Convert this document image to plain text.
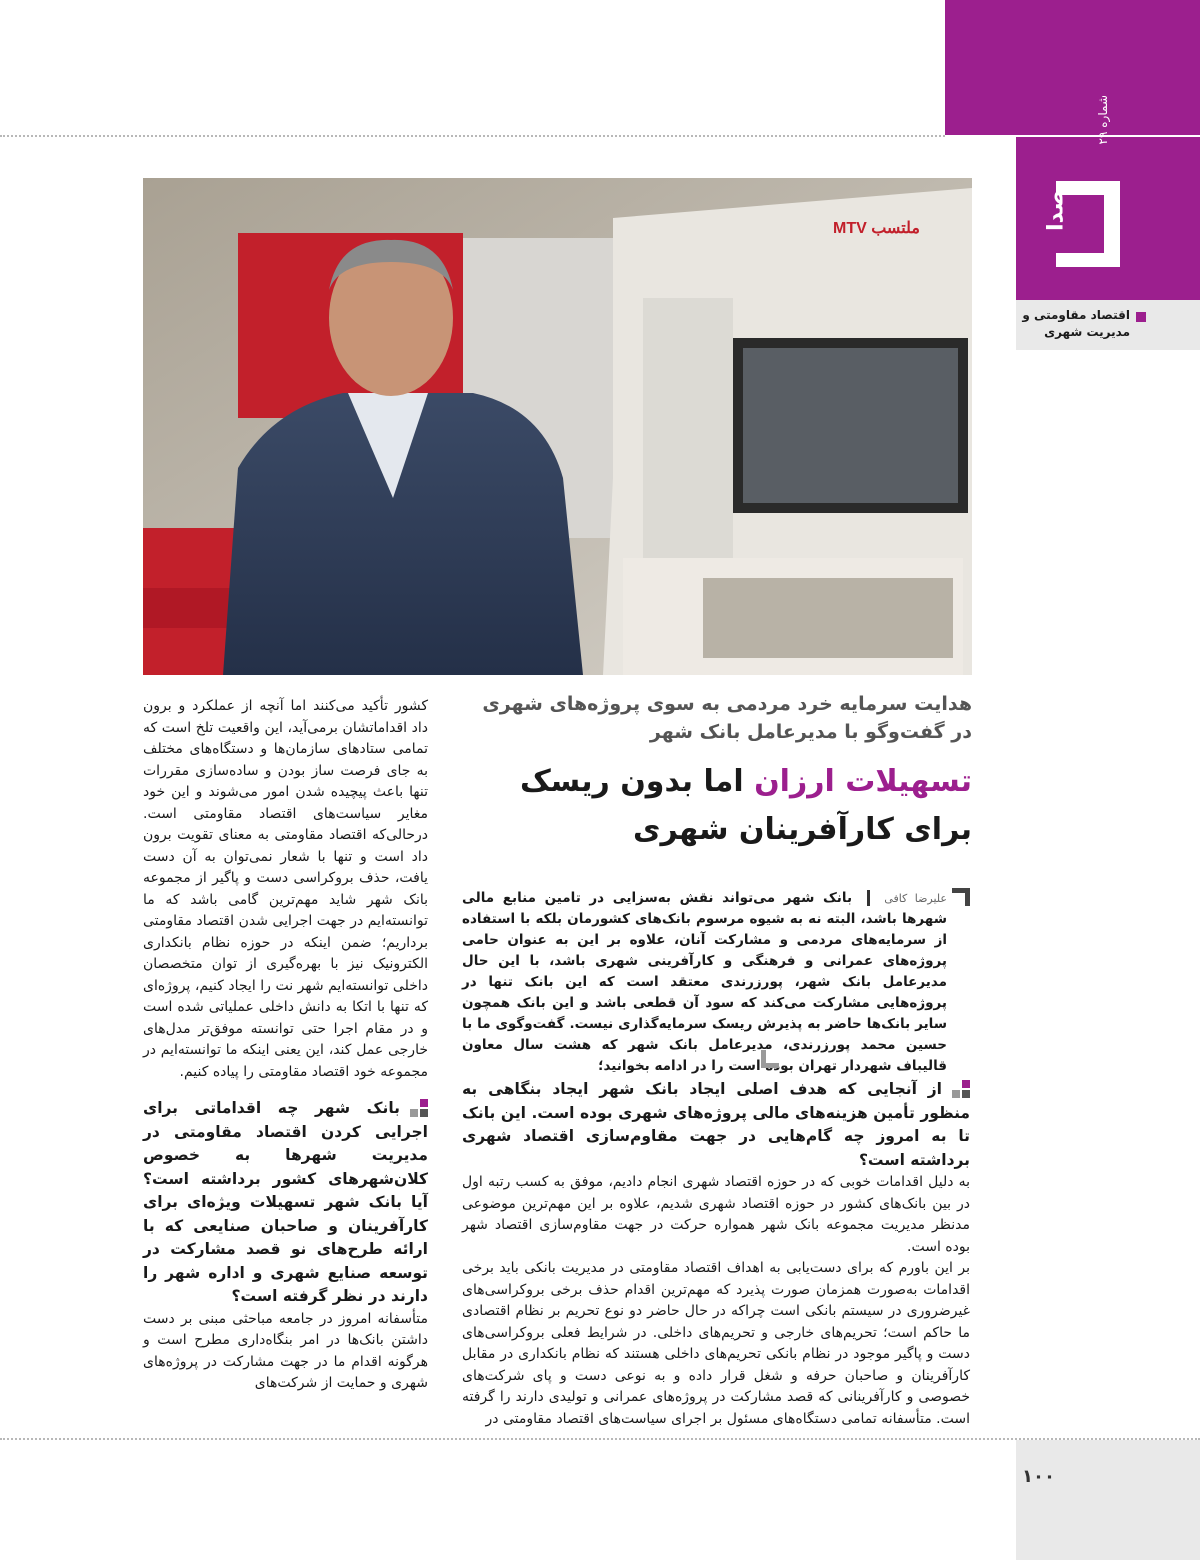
صدا
شماره ۲۹
اقتصاد مقاومتی و مدیریت شهری
MTV ملتسب
هدایت سرمایه خرد مردمی به سوی پروژه‌های شهری
در گفت‌وگو با مدیرعامل بانک شهر
تسهیلات ارزان اما بدون ریسک
برای کارآفرینان شهری
علیرضا کافی  بانک شهر می‌تواند نقش به‌سزایی در تامین منابع مالی شهرها باشد، البته نه به شیوه مرسوم بانک‌های کشورمان بلکه با استفاده از سرمایه‌های مردمی و مشارکت آنان، علاوه بر این به عنوان حامی پروژه‌های عمرانی و فرهنگی و کارآفرینی شهری باشد، با این حال مدیرعامل بانک شهر، پورزرندی معتقد است که این بانک تنها در پروژه‌هایی مشارکت می‌کند که سود آن قطعی باشد و این بانک همچون سایر بانک‌ها حاضر به پذیرش ریسک سرمایه‌گذاری نیست. گفت‌وگوی ما با حسین محمد پورزرندی، مدیرعامل بانک شهر که هشت سال معاون قالیباف شهردار تهران بوده است را در ادامه بخوانید؛
از آنجایی که هدف اصلی ایجاد بانک شهر ایجاد بنگاهی به منظور تأمین هزینه‌های مالی پروژه‌های شهری بوده است. این بانک تا به امروز چه گام‌هایی در جهت مقاوم‌سازی اقتصاد شهری برداشته است؟
به دلیل اقدامات خوبی که در حوزه اقتصاد شهری انجام دادیم، موفق به کسب رتبه اول در بین بانک‌های کشور در حوزه اقتصاد شهری شدیم، علاوه بر این مهم‌ترین موضوعی مدنظر مدیریت مجموعه بانک شهر همواره حرکت در جهت مقاوم‌سازی اقتصاد شهر بوده است.
بر این باورم که برای دست‌یابی به اهداف اقتصاد مقاومتی در مدیریت بانکی باید برخی اقدامات به‌صورت همزمان صورت پذیرد که مهم‌ترین اقدام حذف برخی بروکراسی‌های غیرضروری در سیستم بانکی است چراکه در حال حاضر دو نوع تحریم بر نظام اقتصادی ما حاکم است؛ تحریم‌های خارجی و تحریم‌های داخلی. در شرایط فعلی بروکراسی‌های دست و پاگیر موجود در نظام بانکی تحریم‌های داخلی هستند که نظام بانکداری در مقابل کارآفرینان و صاحبان حرفه و شغل قرار داده و به نوعی دست و پای شرکت‌های خصوصی و کارآفرینانی که قصد مشارکت در پروژه‌های عمرانی و تولیدی دارند را گرفته است. متأسفانه تمامی دستگاه‌های مسئول بر اجرای سیاست‌های اقتصاد مقاومتی در
کشور تأکید می‌کنند اما آنچه از عملکرد و برون داد اقداماتشان برمی‌آید، این واقعیت تلخ است که تمامی ستادهای سازمان‌ها و دستگاه‌های مختلف به جای فرصت ساز بودن و ساده‌سازی مقررات تنها باعث پیچیده شدن امور می‌شوند و این خود مغایر سیاست‌های اقتصاد مقاومتی است. درحالی‌که اقتصاد مقاومتی به معنای تقویت برون داد است و تنها با شعار نمی‌توان به آن دست یافت، حذف بروکراسی دست و پاگیر از مجموعه بانک شهر شاید مهم‌ترین گامی باشد که ما توانسته‌ایم در جهت اجرایی شدن اقتصاد مقاومتی برداریم؛ ضمن اینکه در حوزه نظام بانکداری الکترونیک نیز با بهره‌گیری از توان متخصصان داخلی توانسته‌ایم شهر نت را ایجاد کنیم، پروژه‌ای که تنها با اتکا به دانش داخلی عملیاتی شده است و در مقام اجرا حتی توانسته موفق‌تر مدل‌های خارجی عمل کند، این یعنی اینکه ما توانسته‌ایم در مجموعه خود اقتصاد مقاومتی را پیاده کنیم.
بانک شهر چه اقداماتی برای اجرایی کردن اقتصاد مقاومتی در مدیریت شهرها به خصوص کلان‌شهرهای کشور برداشته است؟ آیا بانک شهر تسهیلات ویژه‌ای برای کارآفرینان و صاحبان صنایعی که با ارائه طرح‌های نو قصد مشارکت در توسعه صنایع شهری و اداره شهر را دارند در نظر گرفته است؟
متأسفانه امروز در جامعه مباحثی مبنی بر دست داشتن بانک‌ها در امر بنگاه‌داری مطرح است و هرگونه اقدام ما در جهت مشارکت در پروژه‌های شهری و حمایت از شرکت‌های
۱۰۰
